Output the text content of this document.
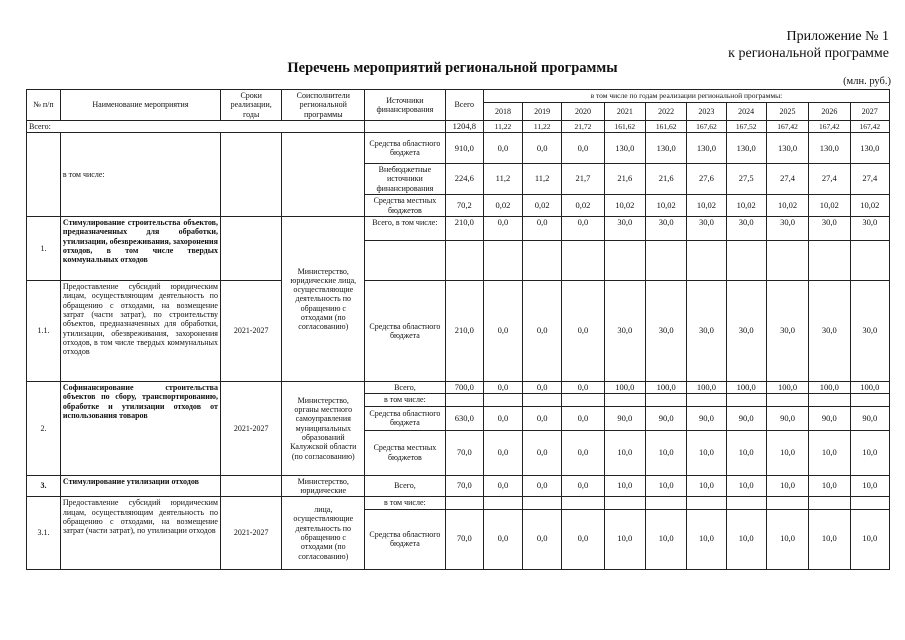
Приложение № 1
к региональной программе
Перечень мероприятий региональной программы
(млн. руб.)
№ п/п	Наименование мероприятия	Сроки реализации, годы	Соисполнители региональной программы	Источники финансирования	Всего	в том числе по годам реализации региональной программы:									
						2018	2019	2020	2021	2022	2023	2024	2025	2026	2027
Всего:					1204,8	11,22	11,22	21,72	161,62	161,62	167,62	167,52	167,42	167,42	167,42
	в том числе:			Средства областного бюджета	910,0	0,0	0,0	0,0	130,0	130,0	130,0	130,0	130,0	130,0	130,0
				Внебюджетные источники финансирования	224,6	11,2	11,2	21,7	21,6	21,6	27,6	27,5	27,4	27,4	27,4
				Средства местных бюджетов	70,2	0,02	0,02	0,02	10,02	10,02	10,02	10,02	10,02	10,02	10,02
1.	Стимулирование строительства объектов, предназначенных для обработки, утилизации, обезвреживания, захоронения отходов, в том числе твердых коммунальных отходов		Министерство, юридические лица, осуществляющие деятельность по обращению с отходами (по согласованию)	Всего, в том числе:	210,0	0,0	0,0	0,0	30,0	30,0	30,0	30,0	30,0	30,0	30,0

1.1.	Предоставление субсидий юридическим лицам, осуществляющим деятельность по обращению с отходами, на возмещение затрат (части затрат), по строительству объектов, предназначенных для обработки, утилизации, обезвреживания, захоронения отходов, в том числе твердых коммунальных отходов	2021-2027		Средства областного бюджета	210,0	0,0	0,0	0,0	30,0	30,0	30,0	30,0	30,0	30,0	30,0
2.	Софинансирование строительства объектов по сбору, транспортированию, обработке и утилизации отходов от использования товаров	2021-2027	Министерство, органы местного самоуправления муниципальных образований Калужской области (по согласованию)	Всего,	700,0	0,0	0,0	0,0	100,0	100,0	100,0	100,0	100,0	100,0	100,0
				в том числе:											
				Средства областного бюджета	630,0	0,0	0,0	0,0	90,0	90,0	90,0	90,0	90,0	90,0	90,0
				Средства местных бюджетов	70,0	0,0	0,0	0,0	10,0	10,0	10,0	10,0	10,0	10,0	10,0
3.	Стимулирование утилизации отходов		Министерство, юридические	Всего,	70,0	0,0	0,0	0,0	10,0	10,0	10,0	10,0	10,0	10,0	10,0
3.1.	Предоставление субсидий юридическим лицам, осуществляющим деятельность по обращению с отходами, на возмещение затрат (части затрат), по утилизации отходов	2021-2027	лица, осуществляющие деятельность по обращению с отходами (по согласованию)	в том числе:											
				Средства областного бюджета	70,0	0,0	0,0	0,0	10,0	10,0	10,0	10,0	10,0	10,0	10,0
